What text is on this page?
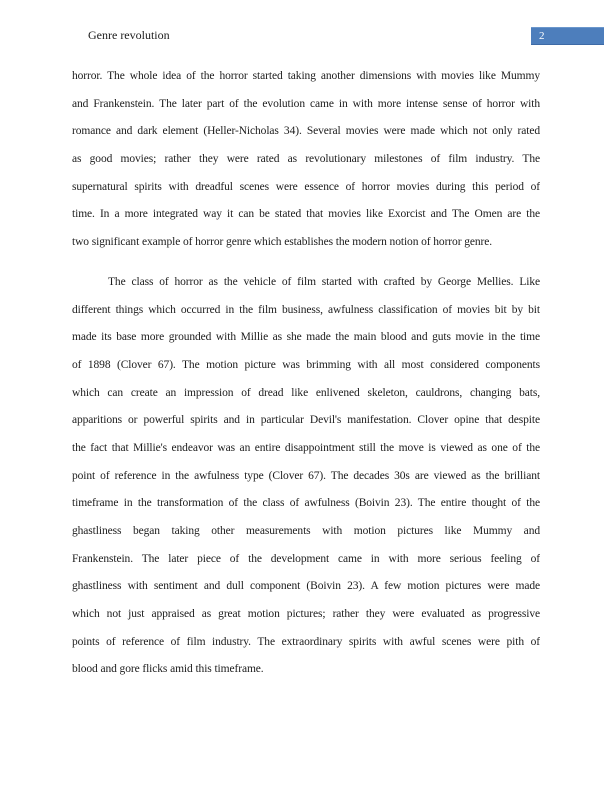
Genre revolution	2
horror. The whole idea of the horror started taking another dimensions with movies like Mummy
and Frankenstein. The later part of the evolution came in with more intense sense of horror with
romance and dark element (Heller-Nicholas 34). Several movies were made which not only rated
as good movies; rather they were rated as revolutionary milestones of film industry. The
supernatural spirits with dreadful scenes were essence of horror movies during this period of
time. In a more integrated way it can be stated that movies like Exorcist and The Omen are the
two significant example of horror genre which establishes the modern notion of horror genre.
The class of horror as the vehicle of film started with crafted by George Mellies. Like
different things which occurred in the film business, awfulness classification of movies bit by bit
made its base more grounded with Millie as she made the main blood and guts movie in the time
of 1898 (Clover 67). The motion picture was brimming with all most considered components
which can create an impression of dread like enlivened skeleton, cauldrons, changing bats,
apparitions or powerful spirits and in particular Devil's manifestation. Clover opine that despite
the fact that Millie's endeavor was an entire disappointment still the move is viewed as one of the
point of reference in the awfulness type (Clover 67). The decades 30s are viewed as the brilliant
timeframe in the transformation of the class of awfulness (Boivin 23). The entire thought of the
ghastliness began taking other measurements with motion pictures like Mummy and
Frankenstein. The later piece of the development came in with more serious feeling of
ghastliness with sentiment and dull component (Boivin 23). A few motion pictures were made
which not just appraised as great motion pictures; rather they were evaluated as progressive
points of reference of film industry. The extraordinary spirits with awful scenes were pith of
blood and gore flicks amid this timeframe.
